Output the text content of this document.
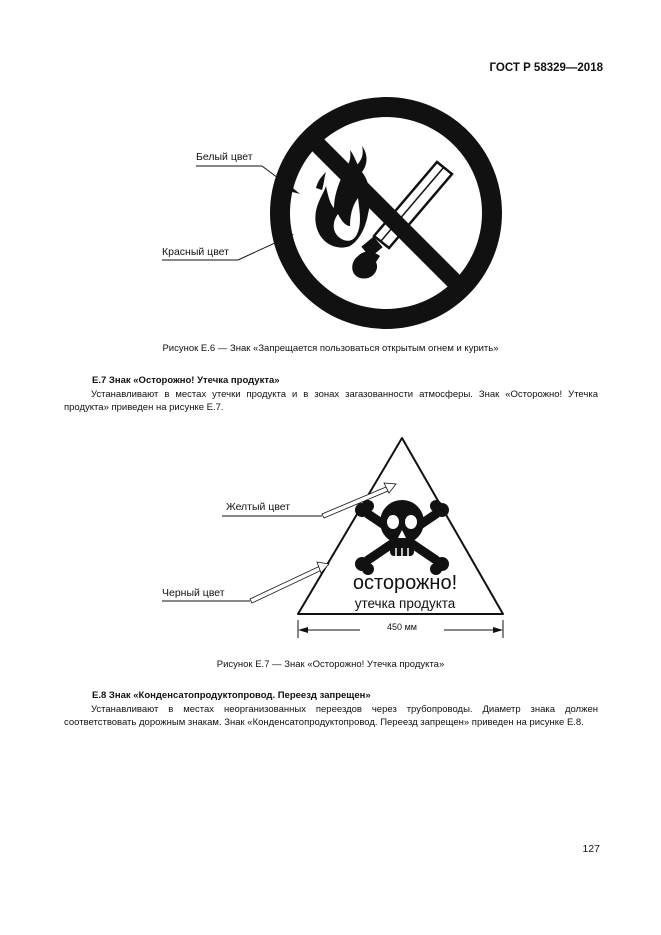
ГОСТ Р 58329—2018
Белый цвет
Красный цвет
Рисунок Е.6 — Знак «Запрещается пользоваться открытым огнем и курить»
Е.7 Знак «Осторожно! Утечка продукта»
Устанавливают в местах утечки продукта и в зонах загазованности атмосферы. Знак «Осторожно! Утечка продукта» приведен на рисунке Е.7.
осторожно!
утечка продукта
450 мм
Желтый цвет
Черный цвет
Рисунок Е.7 — Знак «Осторожно! Утечка продукта»
Е.8 Знак «Конденсатопродуктопровод. Переезд запрещен»
Устанавливают в местах неорганизованных переездов через трубопроводы. Диаметр знака должен соответствовать дорожным знакам. Знак «Конденсатопродуктопровод. Переезд запрещен» приведен на рисунке Е.8.
127
